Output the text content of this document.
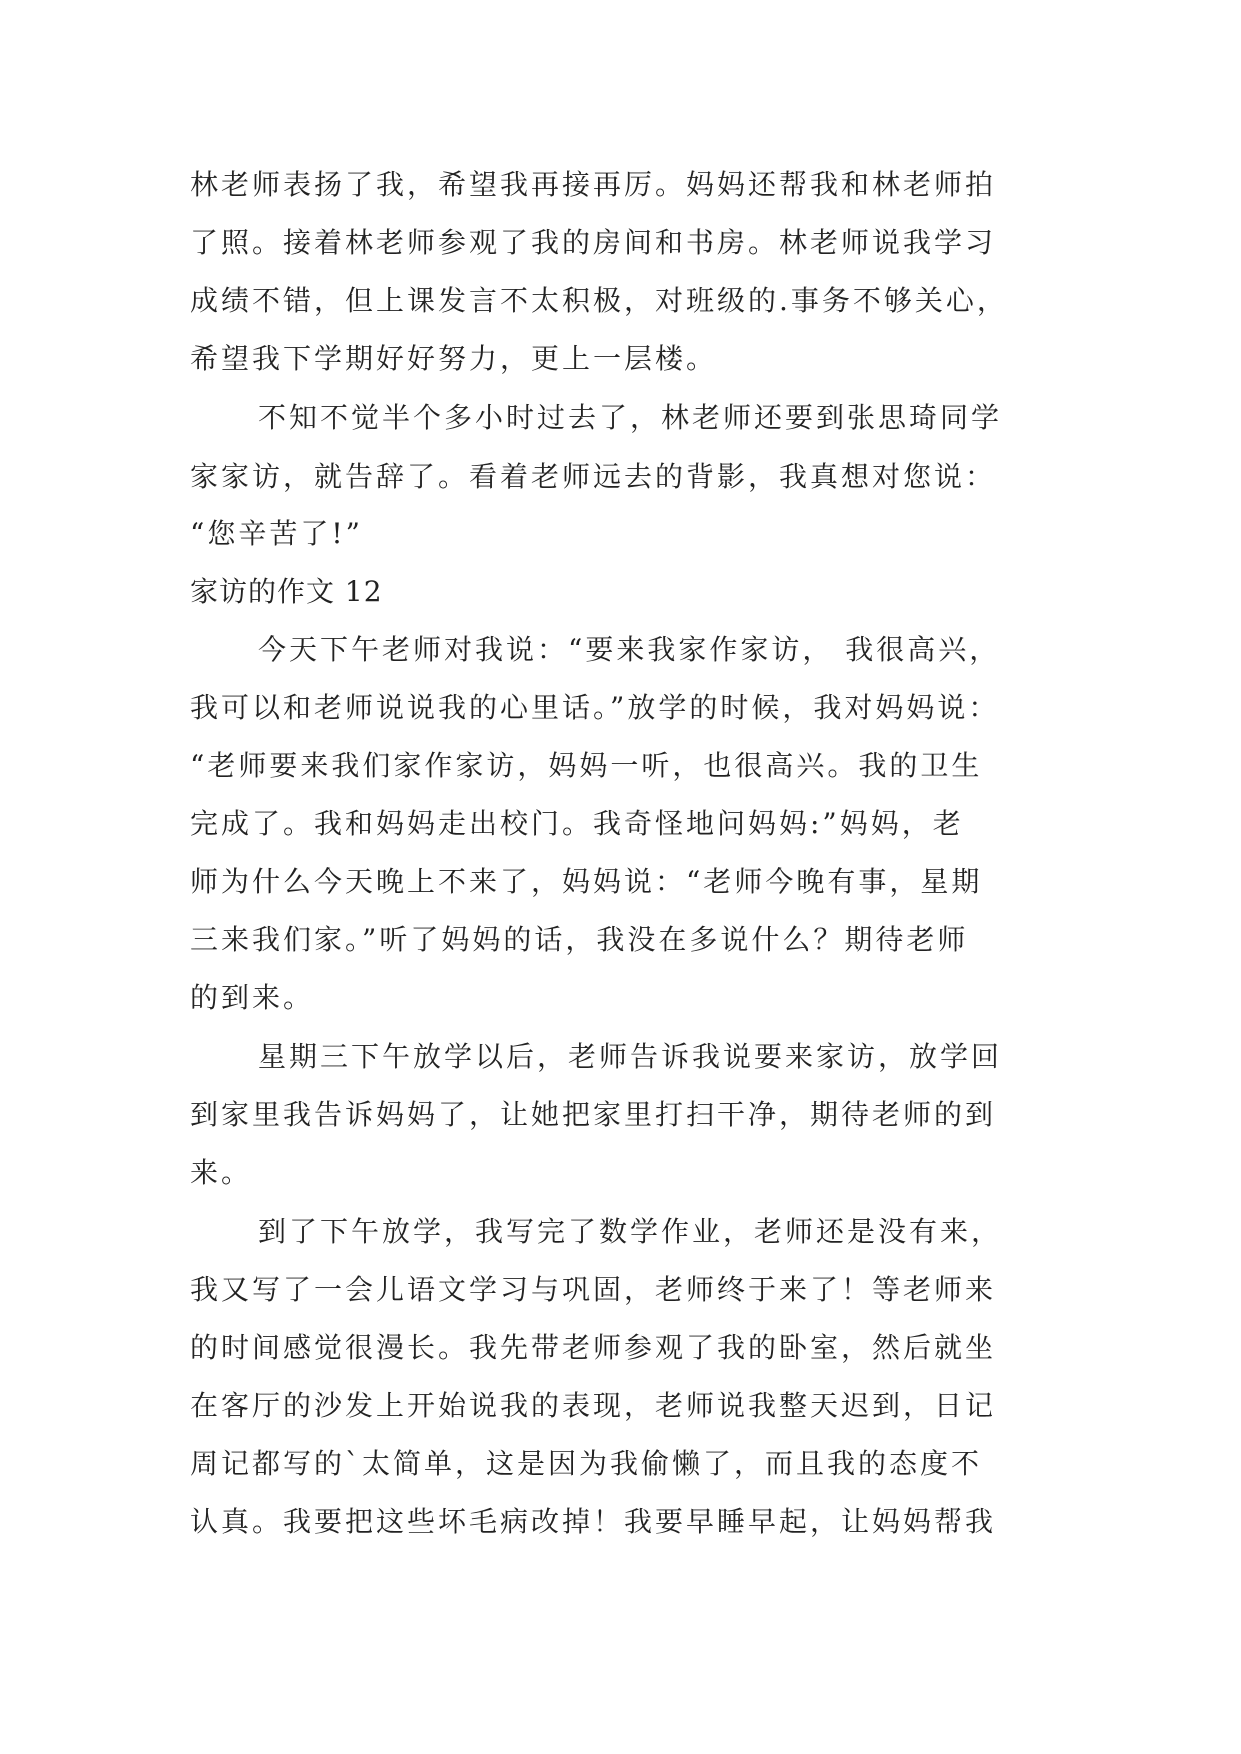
林老师表扬了我，希望我再接再厉。妈妈还帮我和林老师拍
了照。接着林老师参观了我的房间和书房。林老师说我学习
成绩不错，但上课发言不太积极，对班级的.事务不够关心，
希望我下学期好好努力，更上一层楼。
不知不觉半个多小时过去了，林老师还要到张思琦同学
家家访，就告辞了。看着老师远去的背影，我真想对您说：
“您辛苦了!”
家访的作文 12
今天下午老师对我说：“要来我家作家访， 我很高兴，
我可以和老师说说我的心里话。”放学的时候，我对妈妈说：
“老师要来我们家作家访，妈妈一听，也很高兴。我的卫生
完成了。我和妈妈走出校门。我奇怪地问妈妈:”妈妈，老
师为什么今天晚上不来了，妈妈说：“老师今晚有事，星期
三来我们家。”听了妈妈的话，我没在多说什么？期待老师
的到来。
星期三下午放学以后，老师告诉我说要来家访，放学回
到家里我告诉妈妈了，让她把家里打扫干净，期待老师的到
来。
到了下午放学，我写完了数学作业，老师还是没有来，
我又写了一会儿语文学习与巩固，老师终于来了！等老师来
的时间感觉很漫长。我先带老师参观了我的卧室，然后就坐
在客厅的沙发上开始说我的表现，老师说我整天迟到，日记
周记都写的`太简单，这是因为我偷懒了，而且我的态度不
认真。我要把这些坏毛病改掉！我要早睡早起，让妈妈帮我
